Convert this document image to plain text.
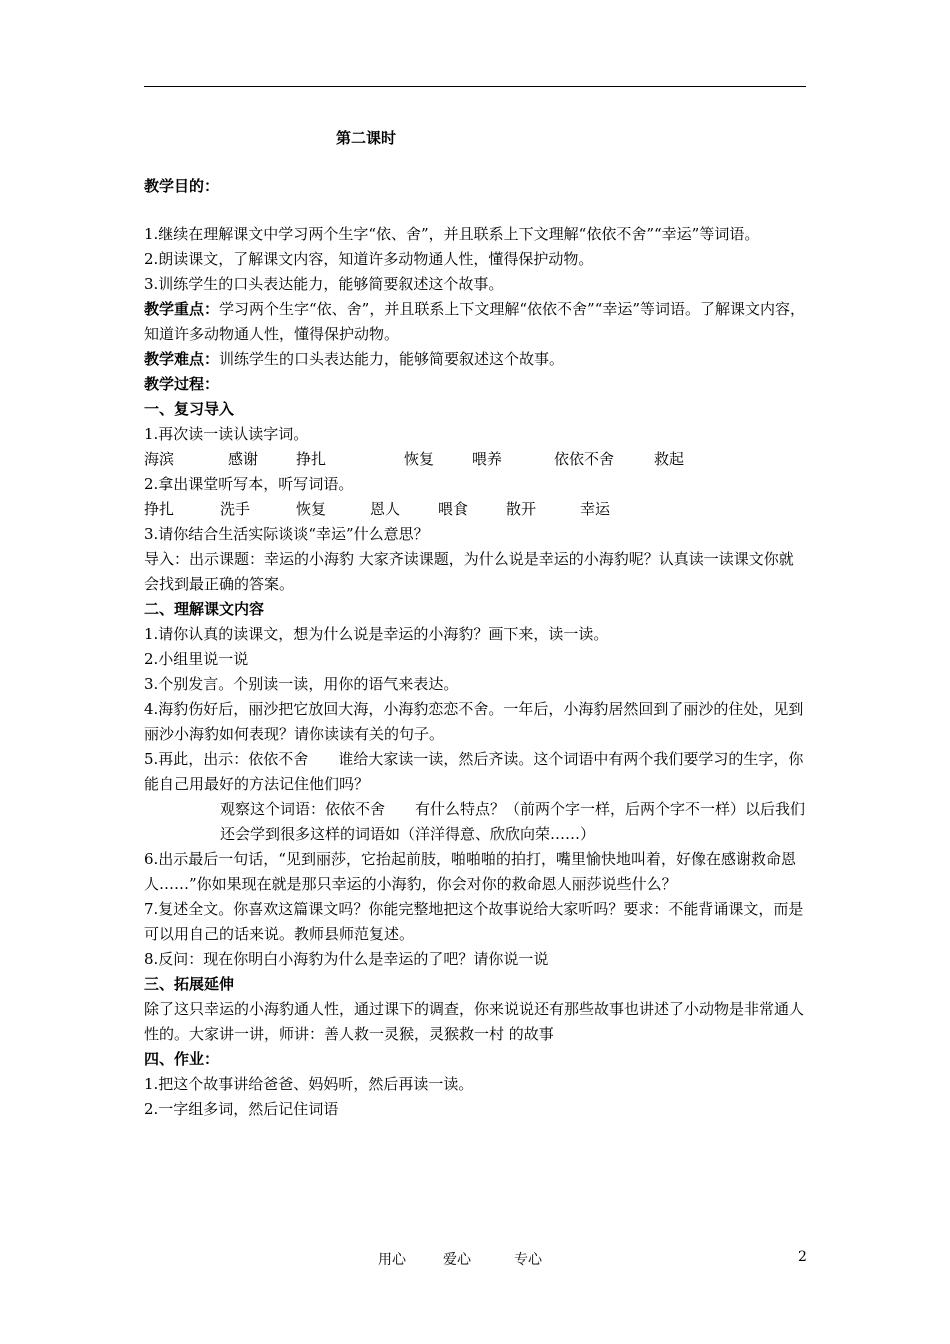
第二课时

教学目的：

1.继续在理解课文中学习两个生字“依、舍”，并且联系上下文理解“依依不舍”“幸运”等词语。

2.朗读课文，了解课文内容，知道许多动物通人性，懂得保护动物。

3.训练学生的口头表达能力，能够简要叙述这个故事。

教学重点：学习两个生字“依、舍”，并且联系上下文理解“依依不舍”“幸运”等词语。了解课文内容，知道许多动物通人性，懂得保护动物。

教学难点：训练学生的口头表达能力，能够简要叙述这个故事。

教学过程：

一、复习导入

1.再次读一读认读字词。

海滨	感谢	挣扎	恢复	喂养	依依不舍	救起

2.拿出课堂听写本，听写词语。

挣扎	洗手	恢复	恩人	喂食	散开	幸运

3.请你结合生活实际谈谈“幸运”什么意思？

导入：出示课题：幸运的小海豹 大家齐读课题，为什么说是幸运的小海豹呢？认真读一读课文你就会找到最正确的答案。

二、理解课文内容

1.请你认真的读课文，想为什么说是幸运的小海豹？画下来，读一读。

2.小组里说一说

3.个别发言。个别读一读，用你的语气来表达。

4.海豹伤好后，丽沙把它放回大海，小海豹恋恋不舍。一年后，小海豹居然回到了丽沙的住处，见到丽沙小海豹如何表现？请你读读有关的句子。

5.再此，出示：依依不舍　　谁给大家读一读，然后齐读。这个词语中有两个我们要学习的生字，你能自己用最好的方法记住他们吗？

观察这个词语：依依不舍　　有什么特点？（前两个字一样，后两个字不一样）以后我们还会学到很多这样的词语如（洋洋得意、欣欣向荣……）

6.出示最后一句话，“见到丽莎，它抬起前肢，啪啪啪的拍打，嘴里愉快地叫着，好像在感谢救命恩人……”你如果现在就是那只幸运的小海豹，你会对你的救命恩人丽莎说些什么？

7.复述全文。你喜欢这篇课文吗？你能完整地把这个故事说给大家听吗？要求：不能背诵课文，而是可以用自己的话来说。教师县师范复述。

8.反问：现在你明白小海豹为什么是幸运的了吧？请你说一说

三、拓展延伸

除了这只幸运的小海豹通人性，通过课下的调查，你来说说还有那些故事也讲述了小动物是非常通人性的。大家讲一讲，师讲：善人救一灵猴，灵猴救一村 的故事

四、作业：

1.把这个故事讲给爸爸、妈妈听，然后再读一读。

2.一字组多词，然后记住词语

用心	爱心	专心	2
